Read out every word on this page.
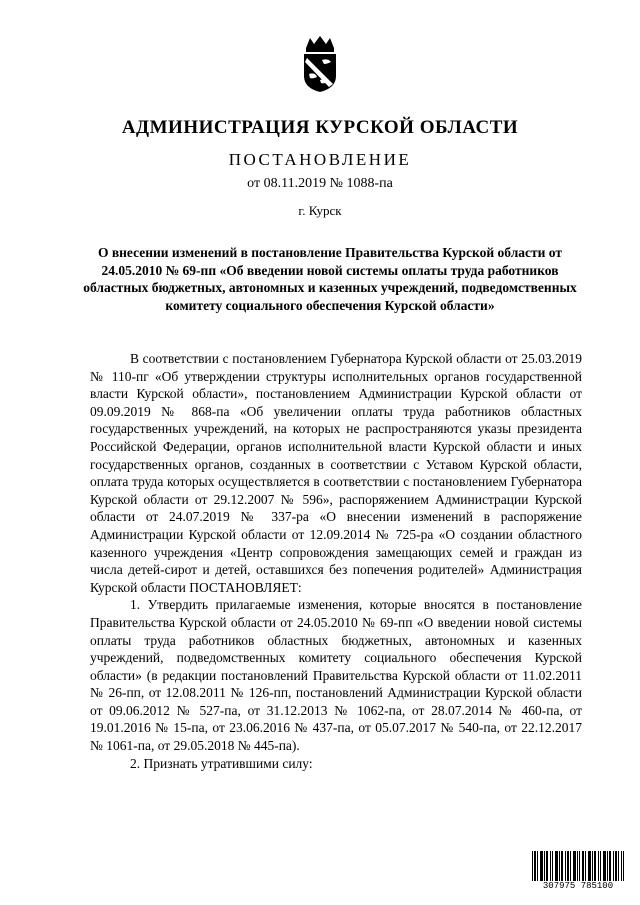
АДМИНИСТРАЦИЯ КУРСКОЙ ОБЛАСТИ
ПОСТАНОВЛЕНИЕ
от 08.11.2019 № 1088-па
г. Курск
О внесении изменений в постановление Правительства Курской области от 24.05.2010 № 69-пп «Об введении новой системы оплаты труда работников областных бюджетных, автономных и казенных учреждений, подведомственных комитету социального обеспечения Курской области»

В соответствии с постановлением Губернатора Курской области от 25.03.2019 № 110-пг «Об утверждении структуры исполнительных органов государственной власти Курской области», постановлением Администрации Курской области от 09.09.2019 № 868-па «Об увеличении оплаты труда работников областных государственных учреждений, на которых не распространяются указы президента Российской Федерации, органов исполнительной власти Курской области и иных государственных органов, созданных в соответствии с Уставом Курской области, оплата труда которых осуществляется в соответствии с постановлением Губернатора Курской области от 29.12.2007 № 596», распоряжением Администрации Курской области от 24.07.2019 № 337-ра «О внесении изменений в распоряжение Администрации Курской области от 12.09.2014 № 725-ра «О создании областного казенного учреждения «Центр сопровождения замещающих семей и граждан из числа детей-сирот и детей, оставшихся без попечения родителей» Администрация Курской области ПОСТАНОВЛЯЕТ:

1. Утвердить прилагаемые изменения, которые вносятся в постановление Правительства Курской области от 24.05.2010 № 69-пп «О введении новой системы оплаты труда работников областных бюджетных, автономных и казенных учреждений, подведомственных комитету социального обеспечения Курской области» (в редакции постановлений Правительства Курской области от 11.02.2011 № 26-пп, от 12.08.2011 № 126-пп, постановлений Администрации Курской области от 09.06.2012 № 527-па, от 31.12.2013 № 1062-па, от 28.07.2014 № 460-па, от 19.01.2016 № 15-па, от 23.06.2016 № 437-па, от 05.07.2017 № 540-па, от 22.12.2017 № 1061-па, от 29.05.2018 № 445-па).

2. Признать утратившими силу:

307975 785100
